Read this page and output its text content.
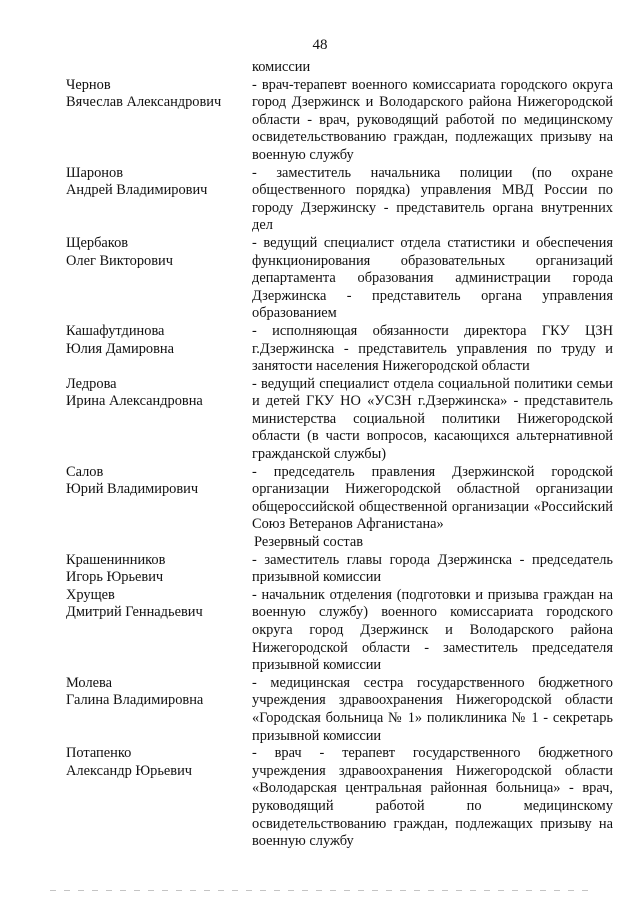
48
комиссии
Чернов
Вячеслав Александрович
- врач-терапевт военного комиссариата городского округа город Дзержинск и Володарского района Нижегородской области - врач, руководящий работой по медицинскому освидетельствованию граждан, подлежащих призыву на военную службу
Шаронов
Андрей Владимирович
- заместитель начальника полиции (по охране общественного порядка) управления МВД России по городу Дзержинску - представитель органа внутренних дел
Щербаков
Олег Викторович
- ведущий специалист отдела статистики и обеспечения функционирования образовательных организаций департамента образования администрации города Дзержинска - представитель органа управления образованием
Кашафутдинова
Юлия Дамировна
- исполняющая обязанности директора ГКУ ЦЗН г.Дзержинска - представитель управления по труду и занятости населения Нижегородской области
Ледрова
Ирина Александровна
- ведущий специалист отдела социальной политики семьи и детей ГКУ НО «УСЗН г.Дзержинска» - представитель министерства социальной политики Нижегородской области (в части вопросов, касающихся альтернативной гражданской службы)
Салов
Юрий Владимирович
- председатель правления Дзержинской городской организации Нижегородской областной организации общероссийской общественной организации «Российский Союз Ветеранов Афганистана»
Резервный состав
Крашенинников
Игорь Юрьевич
- заместитель главы города Дзержинска - председатель призывной комиссии
Хрущев
Дмитрий Геннадьевич
- начальник отделения (подготовки и призыва граждан на военную службу) военного комиссариата городского округа город Дзержинск и Володарского района Нижегородской области - заместитель председателя призывной комиссии
Молева
Галина Владимировна
- медицинская сестра государственного бюджетного учреждения здравоохранения Нижегородской области «Городская больница № 1» поликлиника № 1 - секретарь призывной комиссии
Потапенко
Александр Юрьевич
- врач - терапевт государственного бюджетного учреждения здравоохранения Нижегородской области «Володарская центральная районная больница» - врач, руководящий работой по медицинскому освидетельствованию граждан, подлежащих призыву на военную службу
